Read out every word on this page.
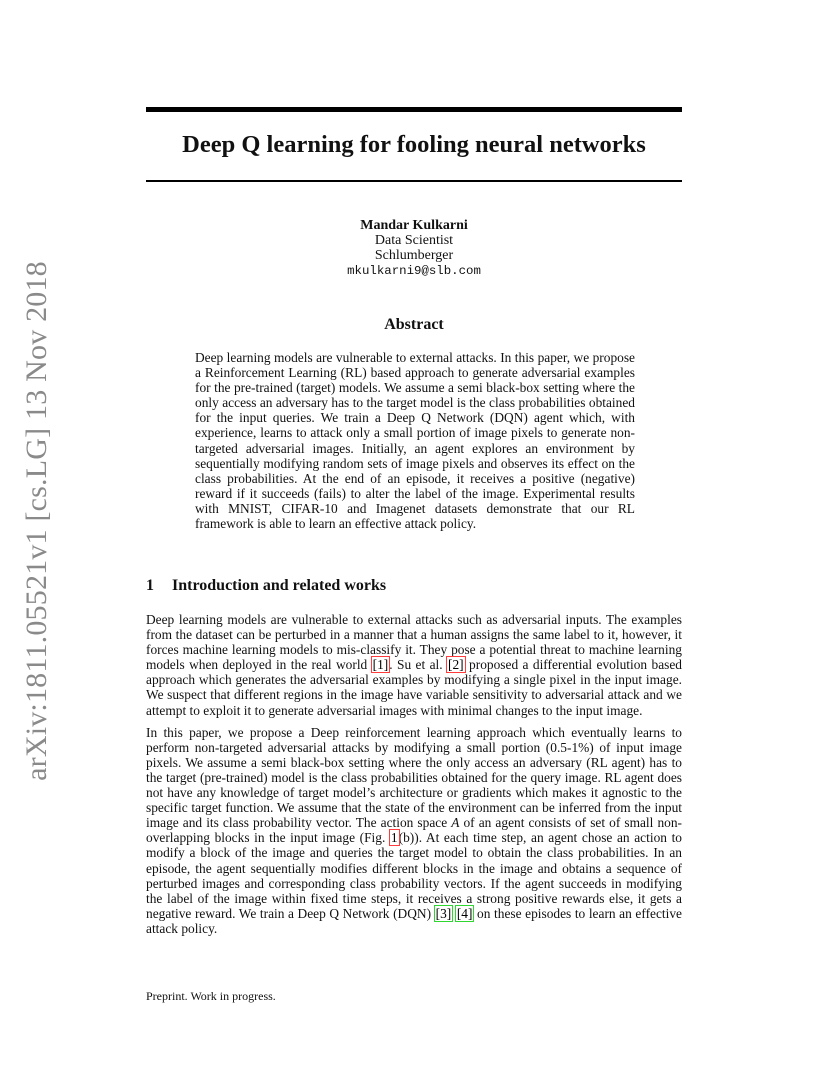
arXiv:1811.05521v1 [cs.LG] 13 Nov 2018
Deep Q learning for fooling neural networks
Mandar Kulkarni
Data Scientist
Schlumberger
mkulkarni9@slb.com
Abstract
Deep learning models are vulnerable to external attacks. In this paper, we propose a Reinforcement Learning (RL) based approach to generate adversarial examples for the pre-trained (target) models. We assume a semi black-box setting where the only access an adversary has to the target model is the class probabilities obtained for the input queries. We train a Deep Q Network (DQN) agent which, with experience, learns to attack only a small portion of image pixels to generate non-targeted adversarial images. Initially, an agent explores an environment by sequentially modifying random sets of image pixels and observes its effect on the class probabilities. At the end of an episode, it receives a positive (negative) reward if it succeeds (fails) to alter the label of the image. Experimental results with MNIST, CIFAR-10 and Imagenet datasets demonstrate that our RL framework is able to learn an effective attack policy.
1 Introduction and related works

Deep learning models are vulnerable to external attacks such as adversarial inputs. The examples from the dataset can be perturbed in a manner that a human assigns the same label to it, however, it forces machine learning models to mis-classify it. They pose a potential threat to machine learning models when deployed in the real world [1]. Su et al. [2] proposed a differential evolution based approach which generates the adversarial examples by modifying a single pixel in the input image. We suspect that different regions in the image have variable sensitivity to adversarial attack and we attempt to exploit it to generate adversarial images with minimal changes to the input image.

In this paper, we propose a Deep reinforcement learning approach which eventually learns to perform non-targeted adversarial attacks by modifying a small portion (0.5-1%) of input image pixels. We assume a semi black-box setting where the only access an adversary (RL agent) has to the target (pre-trained) model is the class probabilities obtained for the query image. RL agent does not have any knowledge of target model’s architecture or gradients which makes it agnostic to the specific target function. We assume that the state of the environment can be inferred from the input image and its class probability vector. The action space A of an agent consists of set of small non-overlapping blocks in the input image (Fig. 1(b)). At each time step, an agent chose an action to modify a block of the image and queries the target model to obtain the class probabilities. In an episode, the agent sequentially modifies different blocks in the image and obtains a sequence of perturbed images and corresponding class probability vectors. If the agent succeeds in modifying the label of the image within fixed time steps, it receives a strong positive rewards else, it gets a negative reward. We train a Deep Q Network (DQN) [3] [4] on these episodes to learn an effective attack policy.

Preprint. Work in progress.
